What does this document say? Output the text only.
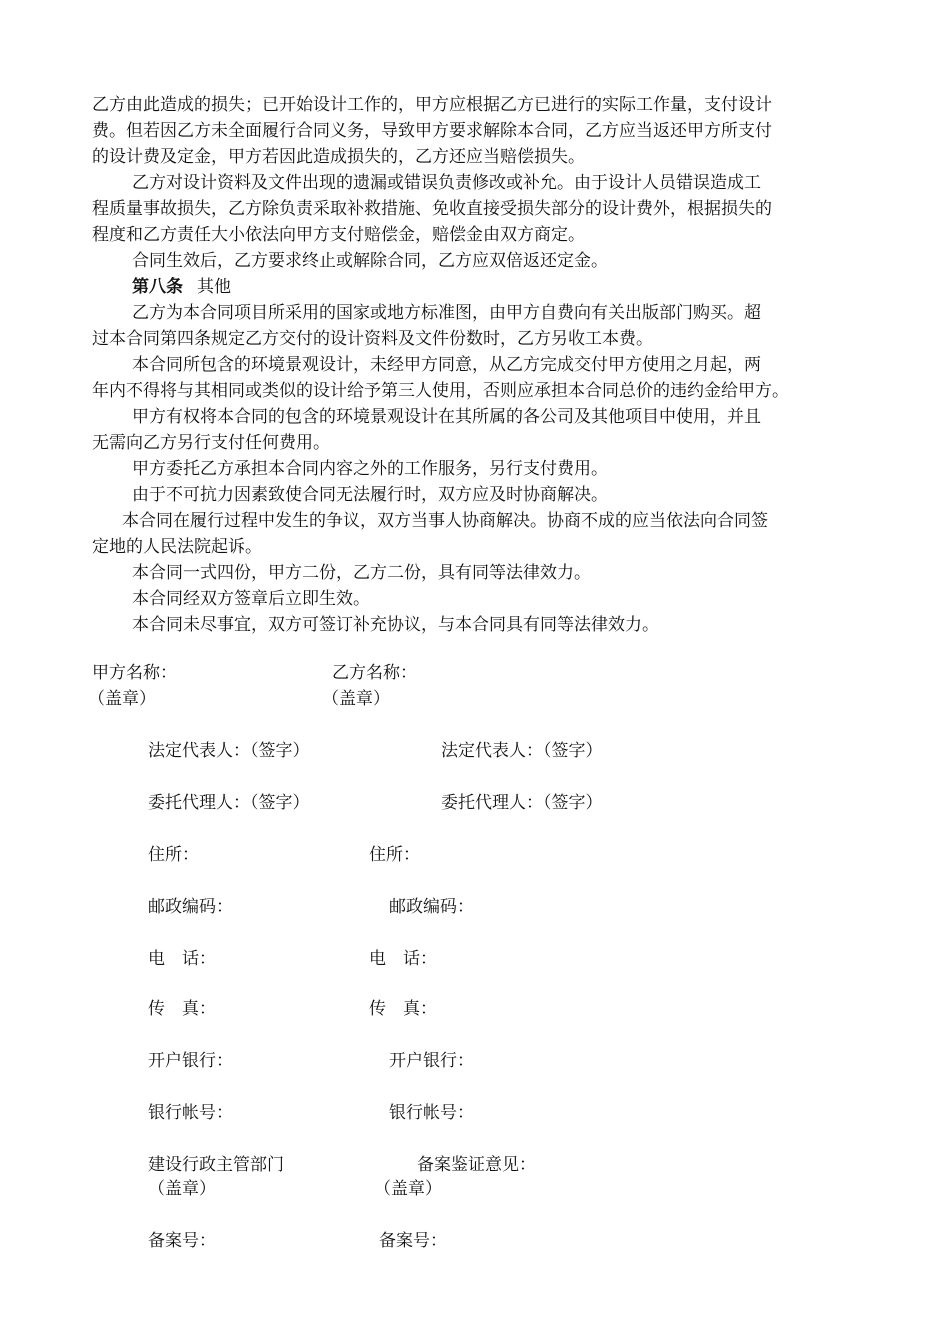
乙方由此造成的损失；已开始设计工作的，甲方应根据乙方已进行的实际工作量，支付设计
费。但若因乙方未全面履行合同义务，导致甲方要求解除本合同，乙方应当返还甲方所支付
的设计费及定金，甲方若因此造成损失的，乙方还应当赔偿损失。
乙方对设计资料及文件出现的遗漏或错误负责修改或补允。由于设计人员错误造成工
程质量事故损失，乙方除负责采取补救措施、免收直接受损失部分的设计费外，根据损失的
程度和乙方责任大小依法向甲方支付赔偿金，赔偿金由双方商定。
合同生效后，乙方要求终止或解除合同，乙方应双倍返还定金。
第八条 其他
乙方为本合同项目所采用的国家或地方标准图，由甲方自费向有关出版部门购买。超
过本合同第四条规定乙方交付的设计资料及文件份数时，乙方另收工本费。
本合同所包含的环境景观设计，未经甲方同意，从乙方完成交付甲方使用之月起，两
年内不得将与其相同或类似的设计给予第三人使用，否则应承担本合同总价的违约金给甲方。
甲方有权将本合同的包含的环境景观设计在其所属的各公司及其他项目中使用，并且
无需向乙方另行支付任何费用。
甲方委托乙方承担本合同内容之外的工作服务，另行支付费用。
由于不可抗力因素致使合同无法履行时，双方应及时协商解决。
本合同在履行过程中发生的争议，双方当事人协商解决。协商不成的应当依法向合同签
定地的人民法院起诉。
本合同一式四份，甲方二份，乙方二份，具有同等法律效力。
本合同经双方签章后立即生效。
本合同未尽事宜，双方可签订补充协议，与本合同具有同等法律效力。
甲方名称：	乙方名称：
（盖章）	（盖章）
法定代表人：（签字）	法定代表人：（签字）
委托代理人：（签字）	委托代理人：（签字）
住所：	住所：
邮政编码：	邮政编码：
电　话：	电　话：
传　真：	传　真：
开户银行：	开户银行：
银行帐号：	银行帐号：
建设行政主管部门	备案鉴证意见：
（盖章）	（盖章）
备案号：	备案号：
